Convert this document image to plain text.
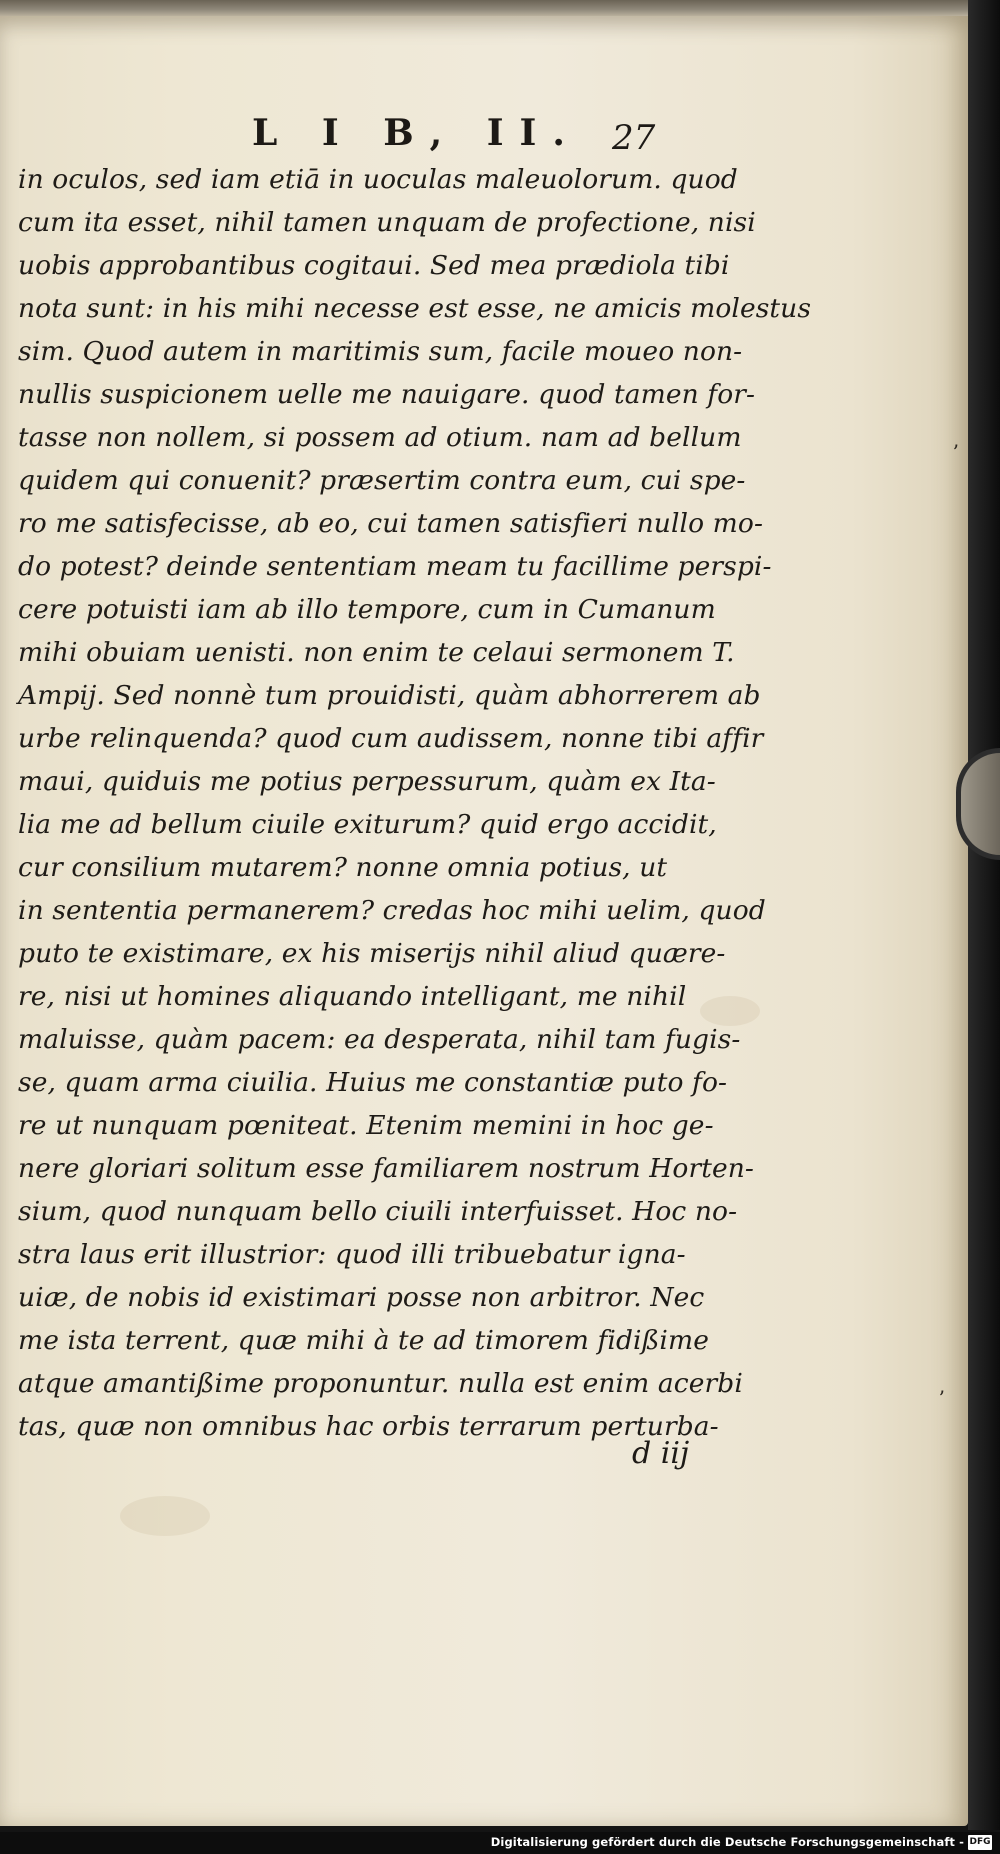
L I B, II. 27
in oculos, sed iam etiā in uoculas maleuolorum. quod
cum ita esset, nihil tamen unquam de profectione, nisi
uobis approbantibus cogitaui. Sed mea prædiola tibi
nota sunt: in his mihi necesse est esse, ne amicis molestus
sim. Quod autem in maritimis sum, facile moueo non-
nullis suspicionem uelle me nauigare. quod tamen for-
tasse non nollem, si possem ad otium. nam ad bellum
quidem qui conuenit? præsertim contra eum, cui spe-
ro me satisfecisse, ab eo, cui tamen satisfieri nullo mo-
do potest? deinde sententiam meam tu facillime perspi-
cere potuisti iam ab illo tempore, cum in Cumanum
mihi obuiam uenisti. non enim te celaui sermonem T.
Ampij. Sed nonnè tum prouidisti, quàm abhorrerem ab
urbe relinquenda? quod cum audissem, nonne tibi affir
maui, quiduis me potius perpessurum, quàm ex Ita-
lia me ad bellum ciuile exiturum? quid ergo accidit,
cur consilium mutarem? nonne omnia potius, ut
in sententia permanerem? credas hoc mihi uelim, quod
puto te existimare, ex his miserijs nihil aliud quære-
re, nisi ut homines aliquando intelligant, me nihil
maluisse, quàm pacem: ea desperata, nihil tam fugis-
se, quam arma ciuilia. Huius me constantiæ puto fo-
re ut nunquam pœniteat. Etenim memini in hoc ge-
nere gloriari solitum esse familiarem nostrum Horten-
sium, quod nunquam bello ciuili interfuisset. Hoc no-
stra laus erit illustrior: quod illi tribuebatur igna-
uiæ, de nobis id existimari posse non arbitror. Nec
me ista terrent, quæ mihi à te ad timorem fidißime
atque amantißime proponuntur. nulla est enim acerbi
tas, quæ non omnibus hac orbis terrarum perturba-
ʼ
ʼ
d iij
Digitalisierung gefördert durch die Deutsche Forschungsgemeinschaft - DFG
